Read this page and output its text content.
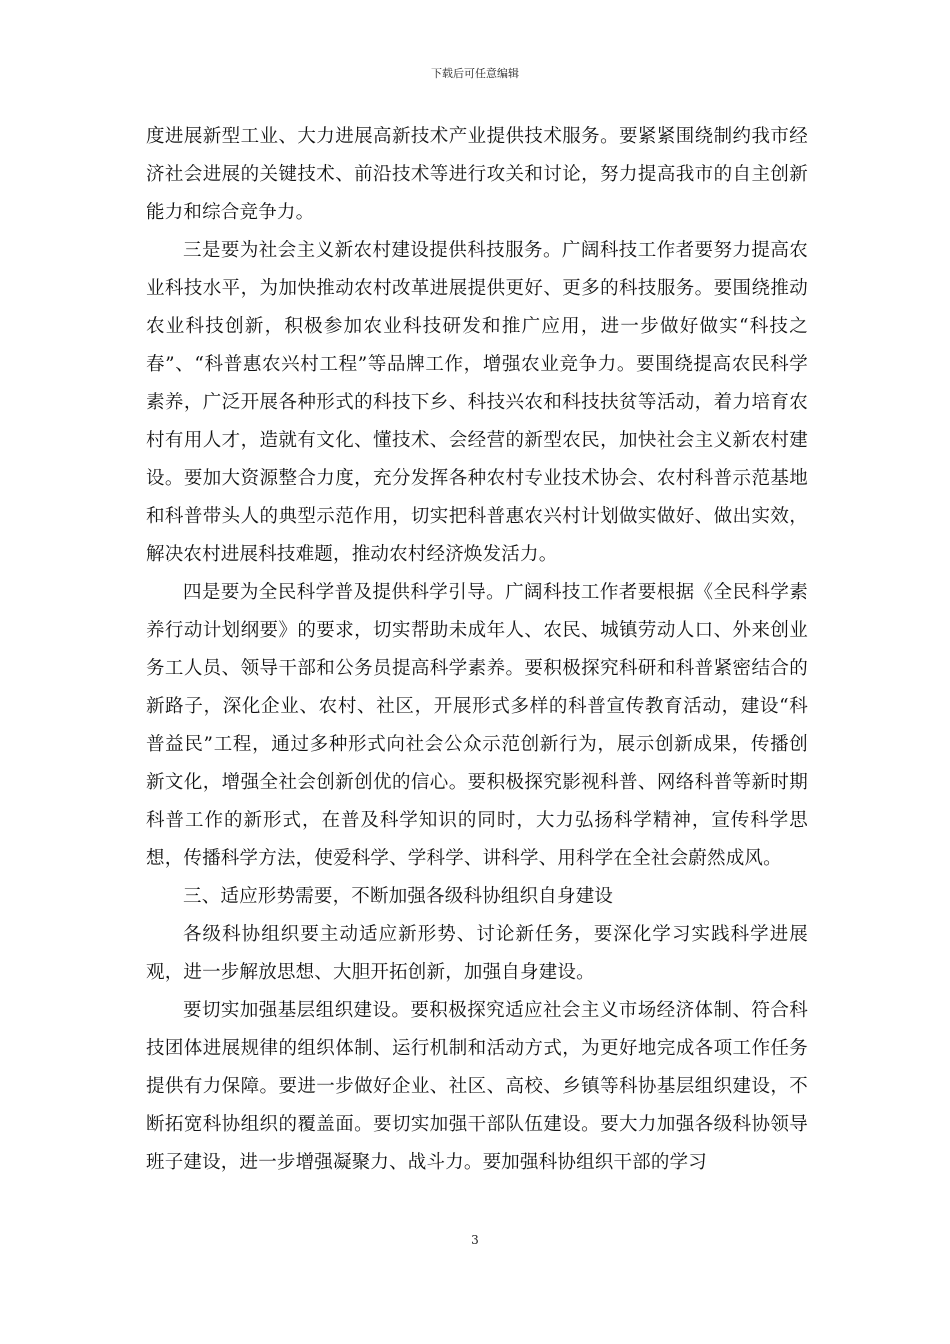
下载后可任意编辑

度进展新型工业、大力进展高新技术产业提供技术服务。要紧紧围绕制约我市经济社会进展的关键技术、前沿技术等进行攻关和讨论，努力提高我市的自主创新能力和综合竞争力。

三是要为社会主义新农村建设提供科技服务。广阔科技工作者要努力提高农业科技水平，为加快推动农村改革进展提供更好、更多的科技服务。要围绕推动农业科技创新，积极参加农业科技研发和推广应用，进一步做好做实“科技之春”、“科普惠农兴村工程”等品牌工作，增强农业竞争力。要围绕提高农民科学素养，广泛开展各种形式的科技下乡、科技兴农和科技扶贫等活动，着力培育农村有用人才，造就有文化、懂技术、会经营的新型农民，加快社会主义新农村建设。要加大资源整合力度，充分发挥各种农村专业技术协会、农村科普示范基地和科普带头人的典型示范作用，切实把科普惠农兴村计划做实做好、做出实效，解决农村进展科技难题，推动农村经济焕发活力。

四是要为全民科学普及提供科学引导。广阔科技工作者要根据《全民科学素养行动计划纲要》的要求，切实帮助未成年人、农民、城镇劳动人口、外来创业务工人员、领导干部和公务员提高科学素养。要积极探究科研和科普紧密结合的新路子，深化企业、农村、社区，开展形式多样的科普宣传教育活动，建设“科普益民”工程，通过多种形式向社会公众示范创新行为，展示创新成果，传播创新文化，增强全社会创新创优的信心。要积极探究影视科普、网络科普等新时期科普工作的新形式，在普及科学知识的同时，大力弘扬科学精神，宣传科学思想，传播科学方法，使爱科学、学科学、讲科学、用科学在全社会蔚然成风。

三、适应形势需要，不断加强各级科协组织自身建设

各级科协组织要主动适应新形势、讨论新任务，要深化学习实践科学进展观，进一步解放思想、大胆开拓创新，加强自身建设。

要切实加强基层组织建设。要积极探究适应社会主义市场经济体制、符合科技团体进展规律的组织体制、运行机制和活动方式，为更好地完成各项工作任务提供有力保障。要进一步做好企业、社区、高校、乡镇等科协基层组织建设，不断拓宽科协组织的覆盖面。要切实加强干部队伍建设。要大力加强各级科协领导班子建设，进一步增强凝聚力、战斗力。要加强科协组织干部的学习

3
